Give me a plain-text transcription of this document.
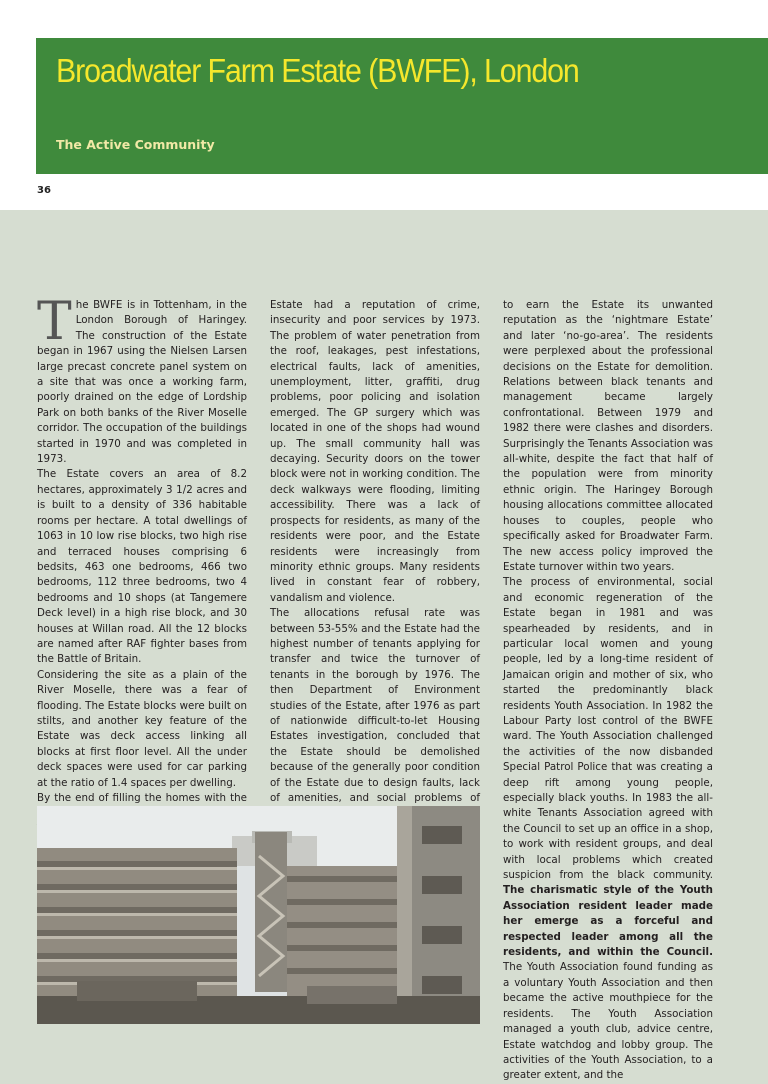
Broadwater Farm Estate (BWFE), London
The Active Community
36

The BWFE is in Tottenham, in the London Borough of Haringey. The construction of the Estate began in 1967 using the Nielsen Larsen large precast concrete panel system on a site that was once a working farm, poorly drained on the edge of Lordship Park on both banks of the River Moselle corridor. The occupation of the buildings started in 1970 and was completed in 1973.

The Estate covers an area of 8.2 hectares, approximately 3 1/2 acres and is built to a density of 336 habitable rooms per hectare. A total dwellings of 1063 in 10 low rise blocks, two high rise and terraced houses comprising 6 bedsits, 463 one bedrooms, 466 two bedrooms, 112 three bedrooms, two 4 bedrooms and 10 shops (at Tangemere Deck level) in a high rise block, and 30 houses at Willan road. All the 12 blocks are named after RAF fighter bases from the Battle of Britain.

Considering the site as a plain of the River Moselle, there was a fear of flooding. The Estate blocks were built on stilts, and another key feature of the Estate was deck access linking all blocks at first floor level. All the under deck spaces were used for car parking at the ratio of 1.4 spaces per dwelling.

By the end of filling the homes with the

Estate had a reputation of crime, insecurity and poor services by 1973. The problem of water penetration from the roof, leakages, pest infestations, electrical faults, lack of amenities, unemployment, litter, graffiti, drug problems, poor policing and isolation emerged. The GP surgery which was located in one of the shops had wound up. The small community hall was decaying. Security doors on the tower block were not in working condition. The deck walkways were flooding, limiting accessibility. There was a lack of prospects for residents, as many of the residents were poor, and the Estate residents were increasingly from minority ethnic groups. Many residents lived in constant fear of robbery, vandalism and violence.

The allocations refusal rate was between 53-55% and the Estate had the highest number of tenants applying for transfer and twice the turnover of tenants in the borough by 1976. The then Department of Environment studies of the Estate, after 1976 as part of nationwide difficult-to-let Housing Estates investigation, concluded that the Estate should be demolished because of the generally poor condition of the Estate due to design faults, lack of amenities, and social problems of

to earn the Estate its unwanted reputation as the ‘nightmare Estate’ and later ‘no-go-area’. The residents were perplexed about the professional decisions on the Estate for demolition. Relations between black tenants and management became largely confrontational. Between 1979 and 1982 there were clashes and disorders. Surprisingly the Tenants Association was all-white, despite the fact that half of the population were from minority ethnic origin. The Haringey Borough housing allocations committee allocated houses to couples, people who specifically asked for Broadwater Farm. The new access policy improved the Estate turnover within two years.

The process of environmental, social and economic regeneration of the Estate began in 1981 and was spearheaded by residents, and in particular local women and young people, led by a long-time resident of Jamaican origin and mother of six, who started the predominantly black residents Youth Association. In 1982 the Labour Party lost control of the BWFE ward. The Youth Association challenged the activities of the now disbanded Special Patrol Police that was creating a deep rift among young people, especially black youths. In 1983 the all-white Tenants Association agreed with the Council to set up an office in a shop, to work with resident groups, and deal with local problems which created suspicion from the black community. The charismatic style of the Youth Association resident leader made her emerge as a forceful and respected leader among all the residents, and within the Council. The Youth Association found funding as a voluntary Youth Association and then became the active mouthpiece for the residents. The Youth Association managed a youth club, advice centre, Estate watchdog and lobby group. The activities of the Youth Association, to a greater extent, and the
